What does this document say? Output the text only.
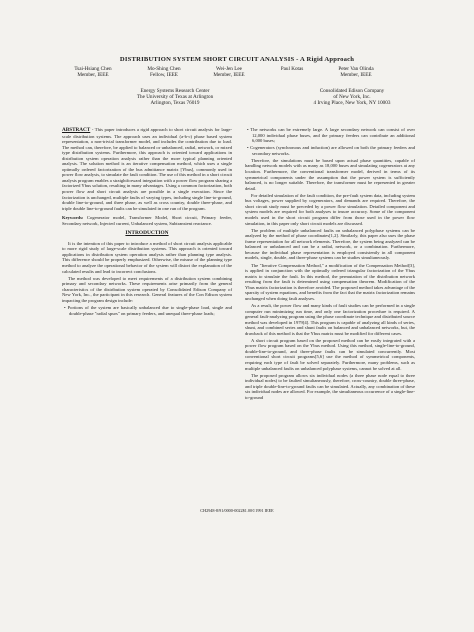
DISTRIBUTION SYSTEM SHORT CIRCUIT ANALYSIS - A Rigid Approach
Tsai-Hsiang Chen
Member, IEEE
Mo-Shing Chen
Fellow, IEEE
Wei-Jen Lee
Member, IEEE
Paul Kotas	Peter Van Olinda
Member, IEEE
Energy Systems Research Center
The University of Texas at Arlington
Arlington, Texas 76019
Consolidated Edison Company
of New York, Inc.
4 Irving Place, New York, NY 10003

ABSTRACT - This paper introduces a rigid approach to short circuit analysis for large-scale distribution systems. The approach uses an individual (a-b-c) phase based system representation, a non-trivial transformer model, and includes the contribution due to load. The method can, therefore, be applied to balanced or unbalanced, radial, network, or mixed type distribution systems. Furthermore, this approach is oriented toward applications in distribution system operation analysis rather than the more typical planning oriented analysis. The solution method is an iterative compensation method, which uses a single optimally ordered factorization of the bus admittance matrix [Ybus], commonly used in power flow analysis, to simulate the fault condition. The use of this method in a short circuit analysis program enables a straightforward integration with a power flow program sharing a factorized Ybus solution, resulting in many advantages. Using a common factorization, both power flow and short circuit analysis are possible in a single execution. Since the factorization is unchanged, multiple faults of varying types, including single line-to-ground, double line-to-ground, and three phase, as well as cross country, double three-phase, and triple double line-to-ground faults can be simulated in one run of the program.

Keywords: Cogenerator model, Transformer Model, Short circuit, Primary feeder, Secondary network, Injected current, Unbalanced system, Subtransient reactance.

INTRODUCTION

It is the intention of this paper to introduce a method of short circuit analysis applicable to more rigid study of large-scale distribution systems. This approach is oriented toward applications in distribution system operation analysis rather than planning type analysis. This difference should be properly emphasized. Otherwise, the misuse of the planning type method to analyze the operational behavior of the system will distort the explanation of the calculated results and lead to incorrect conclusions.

The method was developed to meet requirements of a distribution system combining primary and secondary networks. These requirements arise primarily from the general characteristics of the distribution system operated by Consolidated Edison Company of New York, Inc., the participant in this research. General features of the Con Edison system impacting the program design include:

• Portions of the system are basically unbalanced due to single-phase load, single and double-phase "radial spurs" on primary feeders, and unequal three-phase loads;

• The networks can be extremely large. A large secondary network can consist of over 12,000 individual phase buses, and the primary feeders can contribute an additional 6,000 buses;

• Cogenerators (synchronous and induction) are allowed on both the primary feeders and secondary networks.

Therefore, the simulations must be based upon actual phase quantities, capable of handling network models with as many as 18,000 buses and simulating cogenerators at any location. Furthermore, the conventional transformer model, derived in terms of its symmetrical components under the assumption that the power system is sufficiently balanced, is no longer suitable. Therefore, the transformer must be represented in greater detail.

For detailed simulation of the fault condition, the pre-fault system data, including system bus voltages, power supplied by cogenerators, and demands are required. Therefore, the short circuit study must be preceded by a power flow simulation. Detailed component and system models are required for both analyses to insure accuracy. Some of the component models used in the short circuit program differ from those used in the power flow simulation, in this paper only short circuit models are discussed.

The problem of multiple unbalanced faults on unbalanced polyphase systems can be analyzed by the method of phase coordinates[1,2]. Similarly, this paper also uses the phase frame representation for all network elements. Therefore, the system being analyzed can be balanced or unbalanced and can be a radial, network, or a combination. Furthermore, because the individual phase representation is employed consistently in all component models, single, double, and three-phase systems can be studies simultaneously.

The "Iterative Compensation Method," a modification of the Compensation Method[3], is applied in conjunction with the optimally ordered triangular factorization of the Ybus matrix to simulate the fault. In this method, the permutation of the distribution network resulting from the fault is determined using compensation theorem. Modification of the Ybus matrix factorization is therefore avoided. The proposed method takes advantage of the sparsity of system equations, and benefits from the fact that the matrix factorization remains unchanged when doing fault analyses.

As a result, the power flow and many kinds of fault studies can be performed in a single computer run minimizing run time, and only one factorization procedure is required. A general fault-analyzing program using the phase coordinate technique and distributed source method was developed in 1979[4]. This program is capable of analyzing all kinds of series, shunt, and combined series and shunt faults on balanced and unbalanced networks, but, the drawback of this method is that the Ybus matrix must be modified for different cases.

A short circuit program based on the proposed method can be easily integrated with a power flow program based on the Ybus method. Using this method, single-line-to-ground, double-line-to-ground, and three-phase faults can be simulated concurrently. Most conventional short circuit programs[5,6] use the method of symmetrical components, requiring each type of fault be solved separately. Furthermore, many problems, such as multiple unbalanced faults on unbalanced polyphase systems, cannot be solved at all.

The proposed program allows six individual nodes (a three phase node equal to three individual nodes) to be faulted simultaneously, therefore, cross-country, double three-phase, and triple double-line-to-ground faults can be simulated. Actually, any combination of these six individual nodes are allowed. For example, the simultaneous occurrence of a single-line-to-ground

CH2948-8/91/0000-0022$1.00©1991 IEEE
